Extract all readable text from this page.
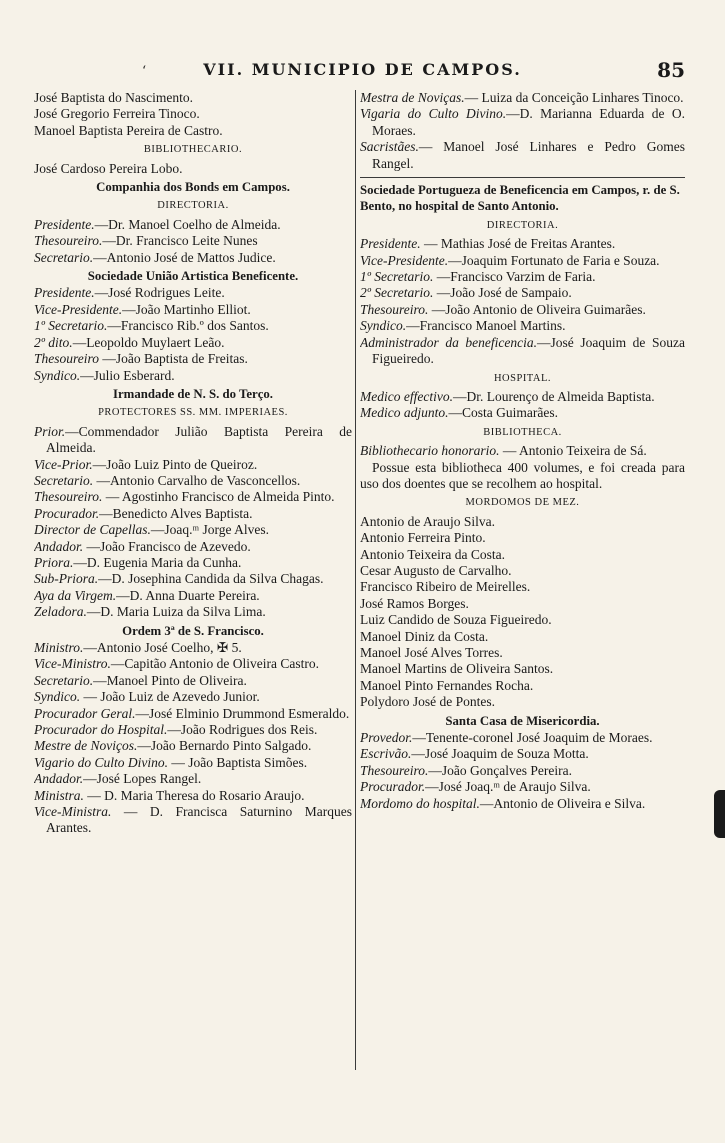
‘	VII. MUNICIPIO DE CAMPOS.	85
José Baptista do Nascimento.
José Gregorio Ferreira Tinoco.
Manoel Baptista Pereira de Castro.
BIBLIOTHECARIO.
José Cardoso Pereira Lobo.
Companhia dos Bonds em Campos.
DIRECTORIA.
Presidente.—Dr. Manoel Coelho de Almeida.
Thesoureiro.—Dr. Francisco Leite Nunes
Secretario.—Antonio José de Mattos Judice.
Sociedade União Artistica Beneficente.
Presidente.—José Rodrigues Leite.
Vice-Presidente.—João Martinho Elliot.
1º Secretario.—Francisco Rib.º dos Santos.
2º dito.—Leopoldo Muylaert Leão.
Thesoureiro —João Baptista de Freitas.
Syndico.—Julio Esberard.
Irmandade de N. S. do Terço.
PROTECTORES SS. MM. IMPERIAES.
Prior.—Commendador Julião Baptista Pereira de Almeida.
Vice-Prior.—João Luiz Pinto de Queiroz.
Secretario. —Antonio Carvalho de Vasconcellos.
Thesoureiro. — Agostinho Francisco de Almeida Pinto.
Procurador.—Benedicto Alves Baptista.
Director de Capellas.—Joaq.ᵐ Jorge Alves.
Andador. —João Francisco de Azevedo.
Priora.—D. Eugenia Maria da Cunha.
Sub-Priora.—D. Josephina Candida da Silva Chagas.
Aya da Virgem.—D. Anna Duarte Pereira.
Zeladora.—D. Maria Luiza da Silva Lima.
Ordem 3ª de S. Francisco.
Ministro.—Antonio José Coelho, ✠ 5.
Vice-Ministro.—Capitão Antonio de Oliveira Castro.
Secretario.—Manoel Pinto de Oliveira.
Syndico. — João Luiz de Azevedo Junior.
Procurador Geral.—José Elminio Drummond Esmeraldo.
Procurador do Hospital.—João Rodrigues dos Reis.
Mestre de Noviços.—João Bernardo Pinto Salgado.
Vigario do Culto Divino. — João Baptista Simões.
Andador.—José Lopes Rangel.
Ministra. — D. Maria Theresa do Rosario Araujo.
Vice-Ministra. — D. Francisca Saturnino Marques Arantes.
Mestra de Noviças.— Luiza da Conceição Linhares Tinoco.
Vigaria do Culto Divino.—D. Marianna Eduarda de O. Moraes.
Sacristães.— Manoel José Linhares e Pedro Gomes Rangel.
Sociedade Portugueza de Beneficencia em Campos, r. de S. Bento, no hospital de Santo Antonio.
DIRECTORIA.
Presidente. — Mathias José de Freitas Arantes.
Vice-Presidente.—Joaquim Fortunato de Faria e Souza.
1º Secretario. —Francisco Varzim de Faria.
2º Secretario. —João José de Sampaio.
Thesoureiro. —João Antonio de Oliveira Guimarães.
Syndico.—Francisco Manoel Martins.
Administrador da beneficencia.—José Joaquim de Souza Figueiredo.
HOSPITAL.
Medico effectivo.—Dr. Lourenço de Almeida Baptista.
Medico adjunto.—Costa Guimarães.
BIBLIOTHECA.
Bibliothecario honorario. — Antonio Teixeira de Sá.
Possue esta bibliotheca 400 volumes, e foi creada para uso dos doentes que se recolhem ao hospital.
MORDOMOS DE MEZ.
Antonio de Araujo Silva.
Antonio Ferreira Pinto.
Antonio Teixeira da Costa.
Cesar Augusto de Carvalho.
Francisco Ribeiro de Meirelles.
José Ramos Borges.
Luiz Candido de Souza Figueiredo.
Manoel Diniz da Costa.
Manoel José Alves Torres.
Manoel Martins de Oliveira Santos.
Manoel Pinto Fernandes Rocha.
Polydoro José de Pontes.
Santa Casa de Misericordia.
Provedor.—Tenente-coronel José Joaquim de Moraes.
Escrivão.—José Joaquim de Souza Motta.
Thesoureiro.—João Gonçalves Pereira.
Procurador.—José Joaq.ᵐ de Araujo Silva.
Mordomo do hospital.—Antonio de Oliveira e Silva.
